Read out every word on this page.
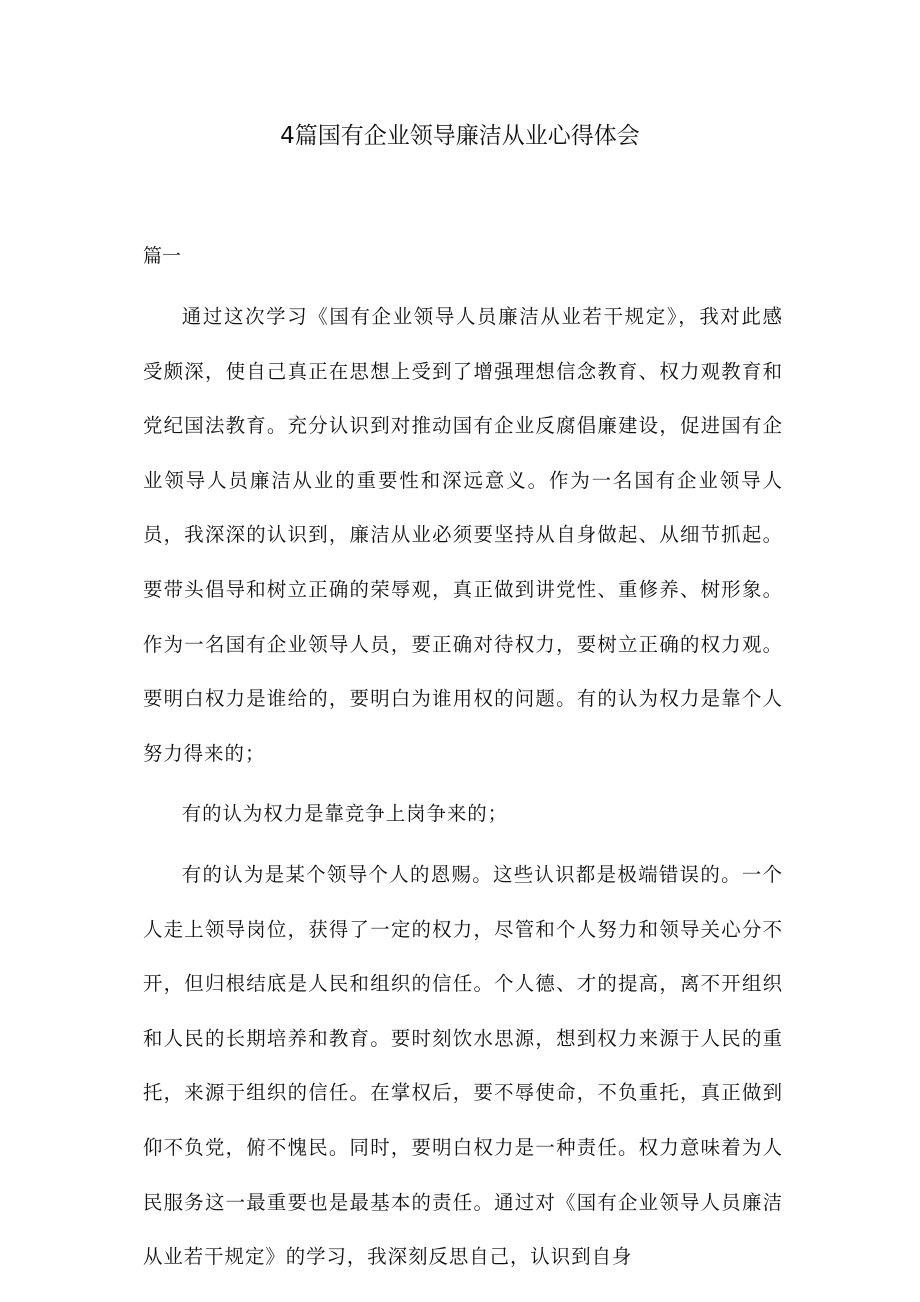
4篇国有企业领导廉洁从业心得体会
篇一

通过这次学习《国有企业领导人员廉洁从业若干规定》，我对此感受颇深，使自己真正在思想上受到了增强理想信念教育、权力观教育和党纪国法教育。充分认识到对推动国有企业反腐倡廉建设，促进国有企业领导人员廉洁从业的重要性和深远意义。作为一名国有企业领导人员，我深深的认识到，廉洁从业必须要坚持从自身做起、从细节抓起。要带头倡导和树立正确的荣辱观，真正做到讲党性、重修养、树形象。作为一名国有企业领导人员，要正确对待权力，要树立正确的权力观。要明白权力是谁给的，要明白为谁用权的问题。有的认为权力是靠个人努力得来的；

有的认为权力是靠竞争上岗争来的；

有的认为是某个领导个人的恩赐。这些认识都是极端错误的。一个人走上领导岗位，获得了一定的权力，尽管和个人努力和领导关心分不开，但归根结底是人民和组织的信任。个人德、才的提高，离不开组织和人民的长期培养和教育。要时刻饮水思源，想到权力来源于人民的重托，来源于组织的信任。在掌权后，要不辱使命，不负重托，真正做到仰不负党，俯不愧民。同时，要明白权力是一种责任。权力意味着为人民服务这一最重要也是最基本的责任。通过对《国有企业领导人员廉洁从业若干规定》的学习，我深刻反思自己，认识到自身
